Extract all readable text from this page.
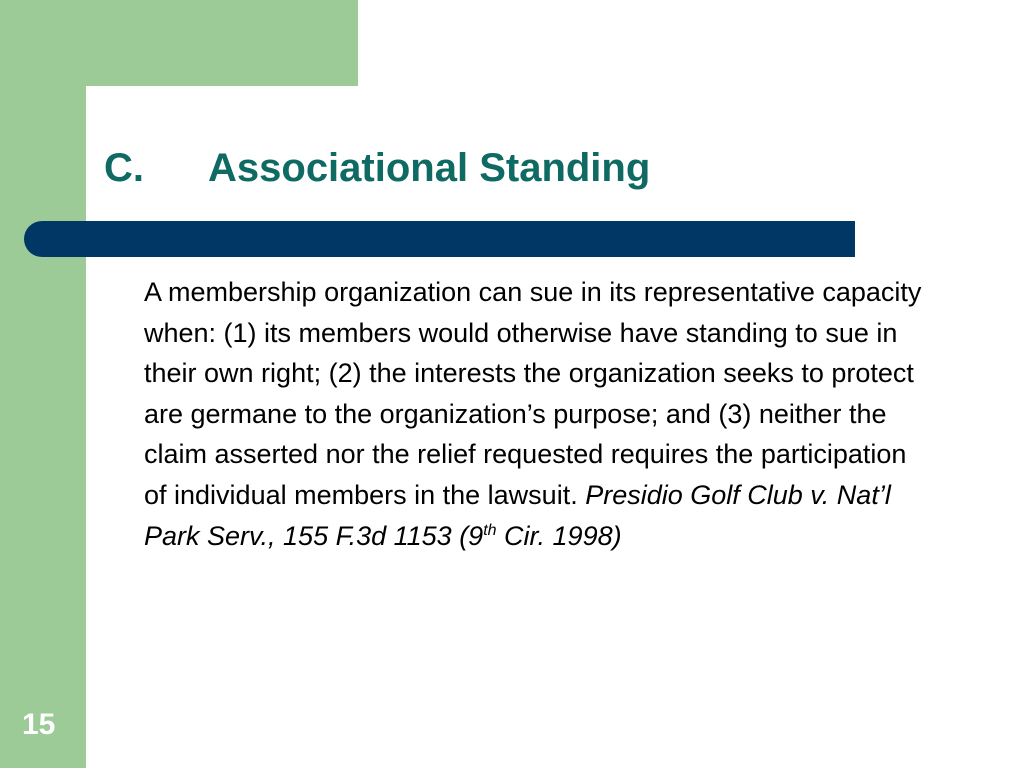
C.	Associational Standing
A membership organization can sue in its representative capacity when: (1) its members would otherwise have standing to sue in their own right; (2) the interests the organization seeks to protect are germane to the organization’s purpose; and (3) neither the claim asserted nor the relief requested requires the participation of individual members in the lawsuit. Presidio Golf Club v. Nat’l Park Serv., 155 F.3d 1153 (9th Cir. 1998)
15
